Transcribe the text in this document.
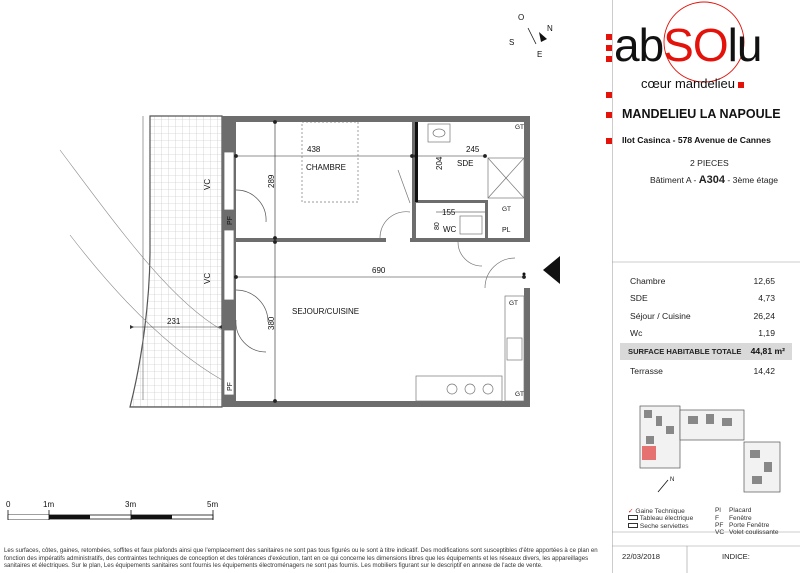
O
N
E
S
VC
VC
PF
PF
CHAMBRE	SDE
WC	PL
SEJOUR/CUISINE
GT
GT
GT
GT
438
289
245
204
155
80
690
380
231
0	1m	3m	5m
abSOlu
cœur mandelieu
MANDELIEU LA NAPOULE
Ilot Casinca - 578 Avenue de Cannes
2 PIECES
Bâtiment A - A304 - 3ème étage
Chambre	12,65
SDE	4,73
Séjour / Cuisine	26,24
Wc	1,19
SURFACE HABITABLE TOTALE 44,81 m²
Terrasse	14,42
N
✓ Gaine Technique
Tableau électrique
Seche serviettes
Pl Placard
F Fenêtre
PF Porte Fenêtre
VC Volet coulissante
22/03/2018	INDICE:
Les surfaces, côtes, gaines, retombées, soffites et faux plafonds ainsi que l'emplacement des sanitaires ne sont pas tous figurés ou le sont à titre indicatif. Des modifications sont susceptibles d'être apportées à ce plan en fonction des impératifs administratifs, des contraintes techniques de conception et des tolérances d'exécution, tant en ce qui concerne les dimensions libres que les équipements et les réseaux divers, les appareillages sanitaires et électriques. Sur le plan, Les équipements sanitaires sont fournis les équipements électroménagers ne sont pas fournis. Les mobiliers figurant sur le descriptif en annexe de l'acte de vente.
